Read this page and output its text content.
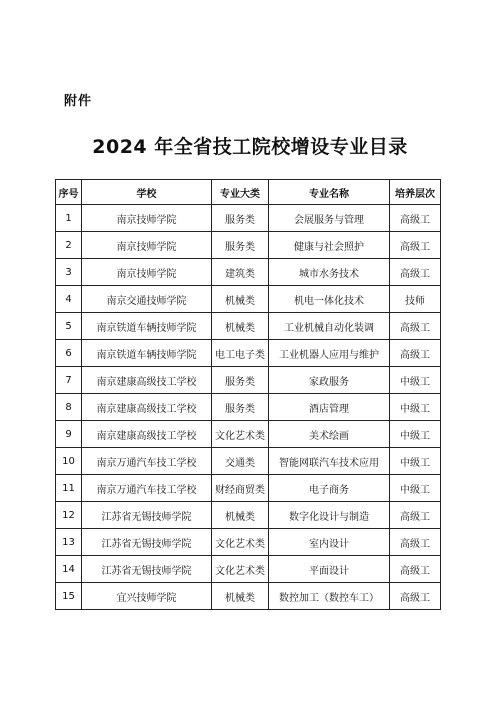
附件
2024 年全省技工院校增设专业目录
序号	学校	专业大类	专业名称	培养层次
1	南京技师学院	服务类	会展服务与管理	高级工
2	南京技师学院	服务类	健康与社会照护	高级工
3	南京技师学院	建筑类	城市水务技术	高级工
4	南京交通技师学院	机械类	机电一体化技术	技师
5	南京铁道车辆技师学院	机械类	工业机械自动化装调	高级工
6	南京铁道车辆技师学院	电工电子类	工业机器人应用与维护	高级工
7	南京建康高级技工学校	服务类	家政服务	中级工
8	南京建康高级技工学校	服务类	酒店管理	中级工
9	南京建康高级技工学校	文化艺术类	美术绘画	中级工
10	南京万通汽车技工学校	交通类	智能网联汽车技术应用	中级工
11	南京万通汽车技工学校	财经商贸类	电子商务	中级工
12	江苏省无锡技师学院	机械类	数字化设计与制造	高级工
13	江苏省无锡技师学院	文化艺术类	室内设计	高级工
14	江苏省无锡技师学院	文化艺术类	平面设计	高级工
15	宜兴技师学院	机械类	数控加工（数控车工）	高级工
